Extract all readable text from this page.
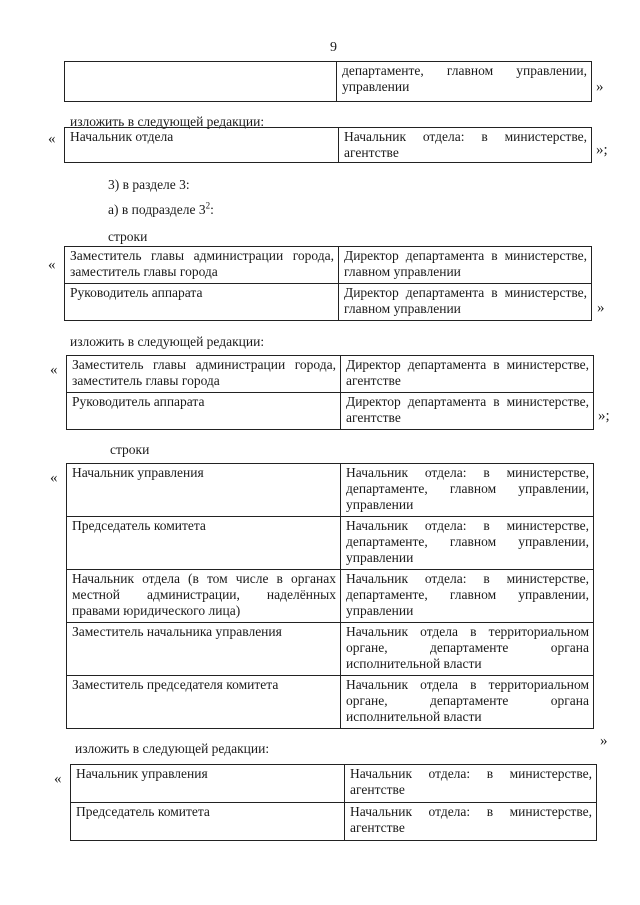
9
	департаменте, главном управлении, управлении	»
изложить в следующей редакции:
« Начальник отдела	Начальник отдела: в министерстве, агентстве	»;
3) в разделе 3:
а) в подразделе $3^2$:
строки
«
Заместитель главы администрации города, заместитель главы города	Директор департамента в министерстве, главном управлении
Руководитель аппарата	Директор департамента в министерстве, главном управлении	»
изложить в следующей редакции:
« Заместитель главы администрации города, заместитель главы города	Директор департамента в министерстве, агентстве
Руководитель аппарата	Директор департамента в министерстве, агентстве	»;
строки
« Начальник управления	Начальник отдела: в министерстве, департаменте, главном управлении, управлении
Председатель комитета	Начальник отдела: в министерстве, департаменте, главном управлении, управлении
Начальник отдела (в том числе в органах местной администрации, наделённых правами юридического лица)	Начальник отдела: в министерстве, департаменте, главном управлении, управлении
Заместитель начальника управления	Начальник отдела в территориальном органе, департаменте органа исполнительной власти
Заместитель председателя комитета	Начальник отдела в территориальном органе, департаменте органа исполнительной власти
»
изложить в следующей редакции:
« Начальник управления	Начальник отдела: в министерстве, агентстве
Председатель комитета	Начальник отдела: в министерстве, агентстве
